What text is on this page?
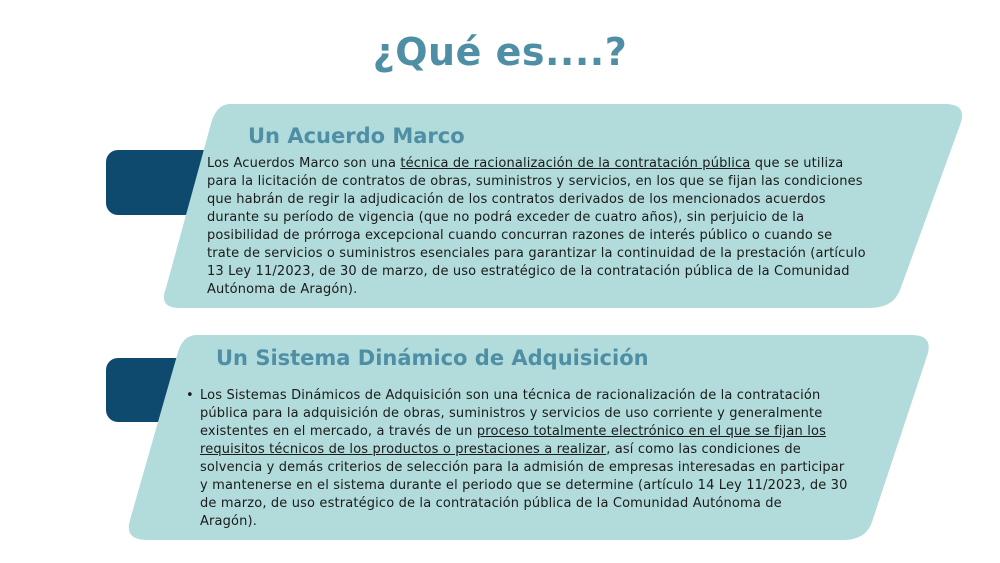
¿Qué es....?
Un Acuerdo Marco

Los Acuerdos Marco son una técnica de racionalización de la contratación pública que se utiliza
para la licitación de contratos de obras, suministros y servicios, en los que se fijan las condiciones
que habrán de regir la adjudicación de los contratos derivados de los mencionados acuerdos
durante su período de vigencia (que no podrá exceder de cuatro años), sin perjuicio de la
posibilidad de prórroga excepcional cuando concurran razones de interés público o cuando se
trate de servicios o suministros esenciales para garantizar la continuidad de la prestación (artículo
13 Ley 11/2023, de 30 de marzo, de uso estratégico de la contratación pública de la Comunidad
Autónoma de Aragón).

Un Sistema Dinámico de Adquisición
• Los Sistemas Dinámicos de Adquisición son una técnica de racionalización de la contratación
pública para la adquisición de obras, suministros y servicios de uso corriente y generalmente
existentes en el mercado, a través de un proceso totalmente electrónico en el que se fijan los
requisitos técnicos de los productos o prestaciones a realizar, así como las condiciones de
solvencia y demás criterios de selección para la admisión de empresas interesadas en participar
y mantenerse en el sistema durante el periodo que se determine (artículo 14 Ley 11/2023, de 30
de marzo, de uso estratégico de la contratación pública de la Comunidad Autónoma de
Aragón).
